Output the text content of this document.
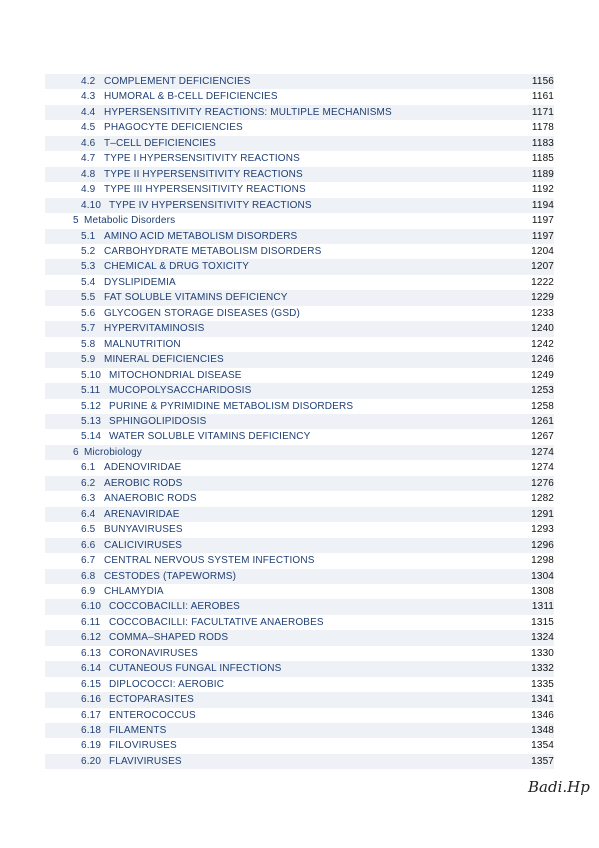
4.2 COMPLEMENT DEFICIENCIES	1156
4.3 HUMORAL & B-CELL DEFICIENCIES	1161
4.4 HYPERSENSITIVITY REACTIONS: MULTIPLE MECHANISMS	1171
4.5 PHAGOCYTE DEFICIENCIES	1178
4.6 T–CELL DEFICIENCIES	1183
4.7 TYPE I HYPERSENSITIVITY REACTIONS	1185
4.8 TYPE II HYPERSENSITIVITY REACTIONS	1189
4.9 TYPE III HYPERSENSITIVITY REACTIONS	1192
4.10 TYPE IV HYPERSENSITIVITY REACTIONS	1194
5 Metabolic Disorders	1197
5.1 AMINO ACID METABOLISM DISORDERS	1197
5.2 CARBOHYDRATE METABOLISM DISORDERS	1204
5.3 CHEMICAL & DRUG TOXICITY	1207
5.4 DYSLIPIDEMIA	1222
5.5 FAT SOLUBLE VITAMINS DEFICIENCY	1229
5.6 GLYCOGEN STORAGE DISEASES (GSD)	1233
5.7 HYPERVITAMINOSIS	1240
5.8 MALNUTRITION	1242
5.9 MINERAL DEFICIENCIES	1246
5.10 MITOCHONDRIAL DISEASE	1249
5.11 MUCOPOLYSACCHARIDOSIS	1253
5.12 PURINE & PYRIMIDINE METABOLISM DISORDERS	1258
5.13 SPHINGOLIPIDOSIS	1261
5.14 WATER SOLUBLE VITAMINS DEFICIENCY	1267
6 Microbiology	1274
6.1 ADENOVIRIDAE	1274
6.2 AEROBIC RODS	1276
6.3 ANAEROBIC RODS	1282
6.4 ARENAVIRIDAE	1291
6.5 BUNYAVIRUSES	1293
6.6 CALICIVIRUSES	1296
6.7 CENTRAL NERVOUS SYSTEM INFECTIONS	1298
6.8 CESTODES (TAPEWORMS)	1304
6.9 CHLAMYDIA	1308
6.10 COCCOBACILLI: AEROBES	1311
6.11 COCCOBACILLI: FACULTATIVE ANAEROBES	1315
6.12 COMMA–SHAPED RODS	1324
6.13 CORONAVIRUSES	1330
6.14 CUTANEOUS FUNGAL INFECTIONS	1332
6.15 DIPLOCOCCI: AEROBIC	1335
6.16 ECTOPARASITES	1341
6.17 ENTEROCOCCUS	1346
6.18 FILAMENTS	1348
6.19 FILOVIRUSES	1354
6.20 FLAVIVIRUSES	1357
Badi.Hp
